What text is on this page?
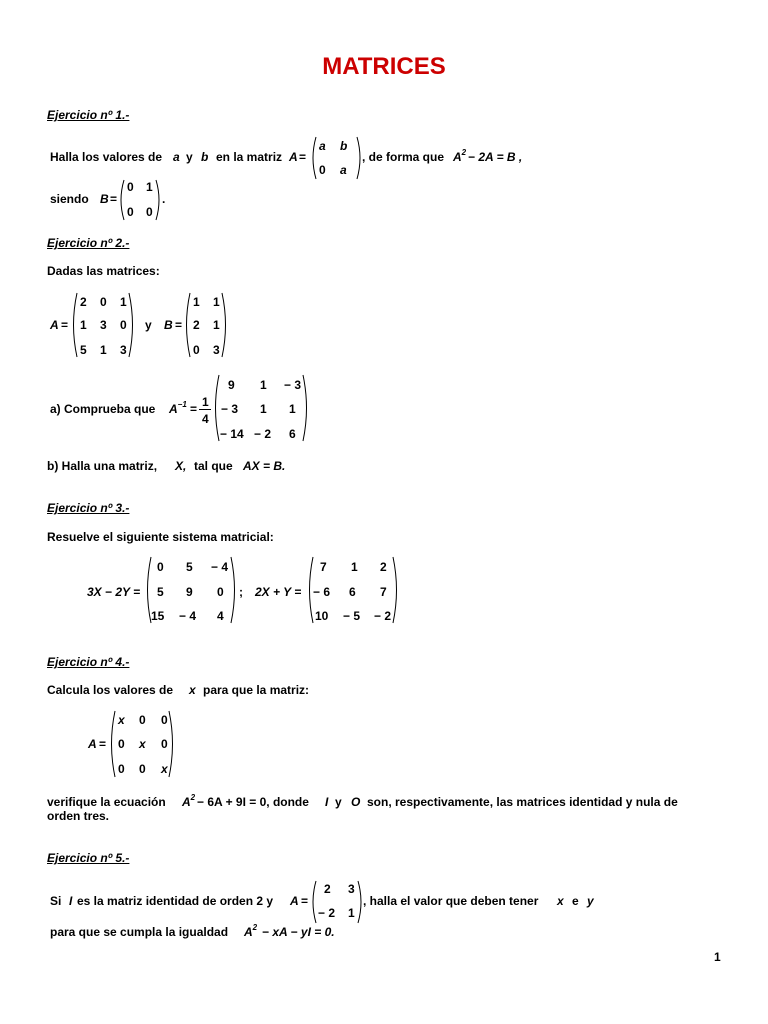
MATRICES
Ejercicio nº 1.-
Halla los valores de a y b en la matriz A =
a b
0 a
, de forma que $A^2 - 2A = B$ ,
siendo B =
0 1
0 0
.
Ejercicio nº 2.-
Dadas las matrices:
A =
2 0 1
1 3 0
5 1 3
y B =
1 1
2 1
0 3
a) Comprueba que $A^{-1} = 1$
4
9 1 − 3
− 3 1 1
− 14 − 2 6
b) Halla una matriz, X, tal que AX = B.
Ejercicio nº 3.-
Resuelve el siguiente sistema matricial:
3X − 2Y =
0 5 − 4
5 9 0
15 − 4 4
; 2X + Y =
7 1 2
− 6 6 7
10 − 5 − 2
Ejercicio nº 4.-
Calcula los valores de x para que la matriz:
A =
x 0 0
0 x 0
0 0 x
verifique la ecuación $A^2 - 6A + 9I = 0$, donde I y O son, respectivamente, las matrices identidad y nula de
orden tres.
Ejercicio nº 5.-
Si I es la matriz identidad de orden 2 y A =
2 3
− 2 1
, halla el valor que deben tener x e y
para que se cumpla la igualdad $A^2$ − xA − yI = 0.
1
